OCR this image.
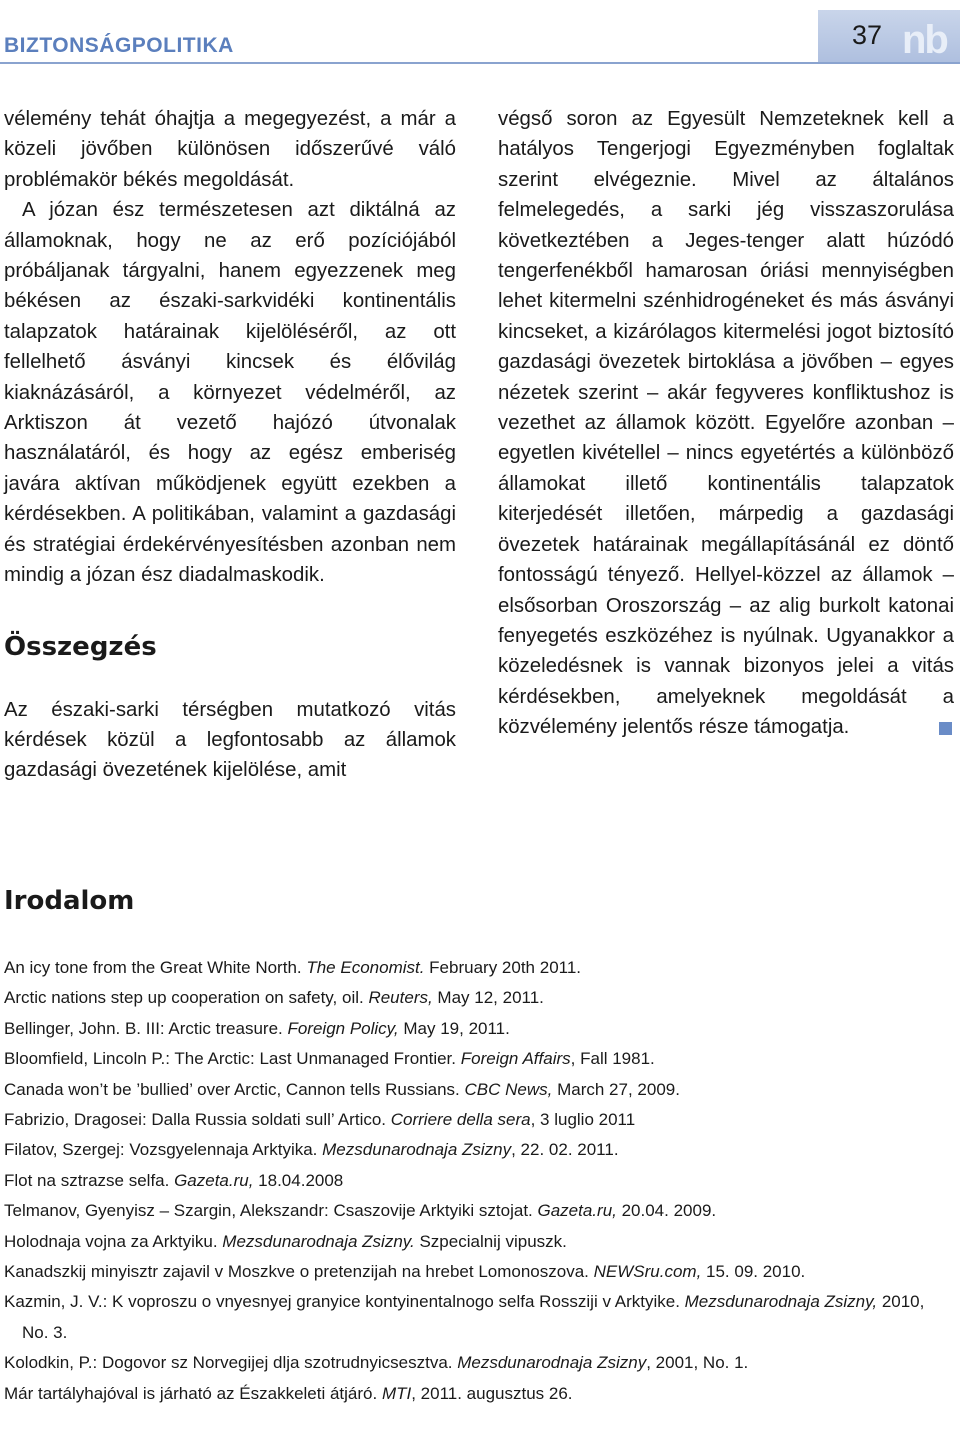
BIZTONSÁGPOLITIKA	nb
37

vélemény tehát óhajtja a megegyezést, a már a közeli jövőben különösen időszerűvé váló problémakör békés megoldását.

A józan ész természetesen azt diktálná az államoknak, hogy ne az erő pozíciójából próbáljanak tárgyalni, hanem egyezzenek meg békésen az északi-sarkvidéki kontinentális talapzatok határainak kijelöléséről, az ott fellelhető ásványi kincsek és élővilág kiaknázásáról, a környezet védelméről, az Arktiszon át vezető hajózó útvonalak használatáról, és hogy az egész emberiség javára aktívan működjenek együtt ezekben a kérdésekben. A politikában, valamint a gazdasági és stratégiai érdekérvényesítésben azonban nem mindig a józan ész diadalmaskodik.

Összegzés

Az északi-sarki térségben mutatkozó vitás kérdések közül a legfontosabb az államok gazdasági övezetének kijelölése, amit

végső soron az Egyesült Nemzeteknek kell a hatályos Tengerjogi Egyezményben foglaltak szerint elvégeznie. Mivel az általános felmelegedés, a sarki jég visszaszorulása következtében a Jeges-tenger alatt húzódó tengerfenékből hamarosan óriási mennyiségben lehet kitermelni szénhidrogéneket és más ásványi kincseket, a kizárólagos kitermelési jogot biztosító gazdasági övezetek birtoklása a jövőben – egyes nézetek szerint – akár fegyveres konfliktushoz is vezethet az államok között. Egyelőre azonban – egyetlen kivétellel – nincs egyetértés a különböző államokat illető kontinentális talapzatok kiterjedését illetően, márpedig a gazdasági övezetek határainak megállapításánál ez döntő fontosságú tényező. Hellyel-közzel az államok – elsősorban Oroszország – az alig burkolt katonai fenyegetés eszközéhez is nyúlnak. Ugyanakkor a közeledésnek is vannak bizonyos jelei a vitás kérdésekben, amelyeknek megoldását a közvélemény jelentős része támogatja.

Irodalom
An icy tone from the Great White North. The Economist. February 20th 2011.
Arctic nations step up cooperation on safety, oil. Reuters, May 12, 2011.
Bellinger, John. B. III: Arctic treasure. Foreign Policy, May 19, 2011.
Bloomfield, Lincoln P.: The Arctic: Last Unmanaged Frontier. Foreign Affairs, Fall 1981.
Canada won’t be ’bullied’ over Arctic, Cannon tells Russians. CBC News, March 27, 2009.
Fabrizio, Dragosei: Dalla Russia soldati sull’ Artico. Corriere della sera, 3 luglio 2011
Filatov, Szergej: Vozsgyelennaja Arktyika. Mezsdunarodnaja Zsizny, 22. 02. 2011.
Flot na sztrazse selfa. Gazeta.ru, 18.04.2008
Telmanov, Gyenyisz – Szargin, Alekszandr: Csaszovije Arktyiki sztojat. Gazeta.ru, 20.04. 2009.
Holodnaja vojna za Arktyiku. Mezsdunarodnaja Zsizny. Szpecialnij vipuszk.
Kanadszkij minyisztr zajavil v Moszkve o pretenzijah na hrebet Lomonoszova. NEWSru.com, 15. 09. 2010.
Kazmin, J. V.: K voproszu o vnyesnyej granyice kontyinentalnogo selfa Rossziji v Arktyike. Mezsdunarodnaja Zsizny, 2010, No. 3.
Kolodkin, P.: Dogovor sz Norvegijej dlja szotrudnyicsesztva. Mezsdunarodnaja Zsizny, 2001, No. 1.
Már tartályhajóval is járható az Északkeleti átjáró. MTI, 2011. augusztus 26.
